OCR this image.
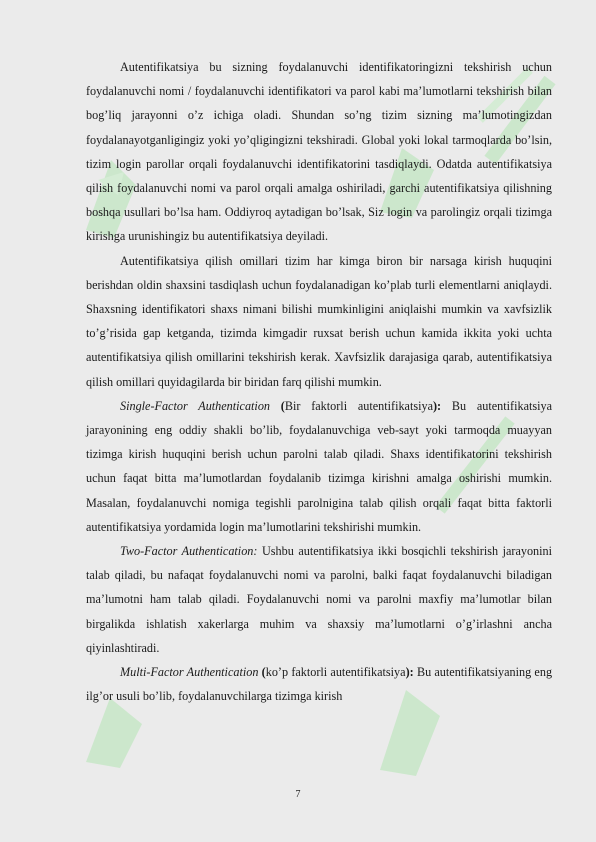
Autentifikatsiya bu sizning foydalanuvchi identifikatoringizni tekshirish uchun foydalanuvchi nomi / foydalanuvchi identifikatori va parol kabi ma’lumotlarni tekshirish bilan bog’liq jarayonni o’z ichiga oladi. Shundan so’ng tizim sizning ma’lumotingizdan foydalanayotganligingiz yoki yo’qligingizni tekshiradi. Global yoki lokal tarmoqlarda bo’lsin, tizim login parollar orqali foydalanuvchi identifikatorini tasdiqlaydi. Odatda autentifikatsiya qilish foydalanuvchi nomi va parol orqali amalga oshiriladi, garchi autentifikatsiya qilishning boshqa usullari bo’lsa ham. Oddiyroq aytadigan bo’lsak, Siz login va parolingiz orqali tizimga kirishga urunishingiz bu autentifikatsiya deyiladi.

Autentifikatsiya qilish omillari tizim har kimga biron bir narsaga kirish huquqini berishdan oldin shaxsini tasdiqlash uchun foydalanadigan ko’plab turli elementlarni aniqlaydi. Shaxsning identifikatori shaxs nimani bilishi mumkinligini aniqlaishi mumkin va xavfsizlik to’g’risida gap ketganda, tizimda kimgadir ruxsat berish uchun kamida ikkita yoki uchta autentifikatsiya qilish omillarini tekshirish kerak. Xavfsizlik darajasiga qarab, autentifikatsiya qilish omillari quyidagilarda bir biridan farq qilishi mumkin.

Single-Factor Authentication (Bir faktorli autentifikatsiya): Bu autentifikatsiya jarayonining eng oddiy shakli bo’lib, foydalanuvchiga veb-sayt yoki tarmoqda muayyan tizimga kirish huquqini berish uchun parolni talab qiladi. Shaxs identifikatorini tekshirish uchun faqat bitta ma’lumotlardan foydalanib tizimga kirishni amalga oshirishi mumkin. Masalan, foydalanuvchi nomiga tegishli parolnigina talab qilish orqali faqat bitta faktorli autentifikatsiya yordamida login ma’lumotlarini tekshirishi mumkin.

Two-Factor Authentication: Ushbu autentifikatsiya ikki bosqichli tekshirish jarayonini talab qiladi, bu nafaqat foydalanuvchi nomi va parolni, balki faqat foydalanuvchi biladigan ma’lumotni ham talab qiladi. Foydalanuvchi nomi va parolni maxfiy ma’lumotlar bilan birgalikda ishlatish xakerlarga muhim va shaxsiy ma’lumotlarni o’g’irlashni ancha qiyinlashtiradi.

Multi-Factor Authentication (ko’p faktorli autentifikatsiya): Bu autentifikatsiyaning eng ilg’or usuli bo’lib, foydalanuvchilarga tizimga kirish

7
